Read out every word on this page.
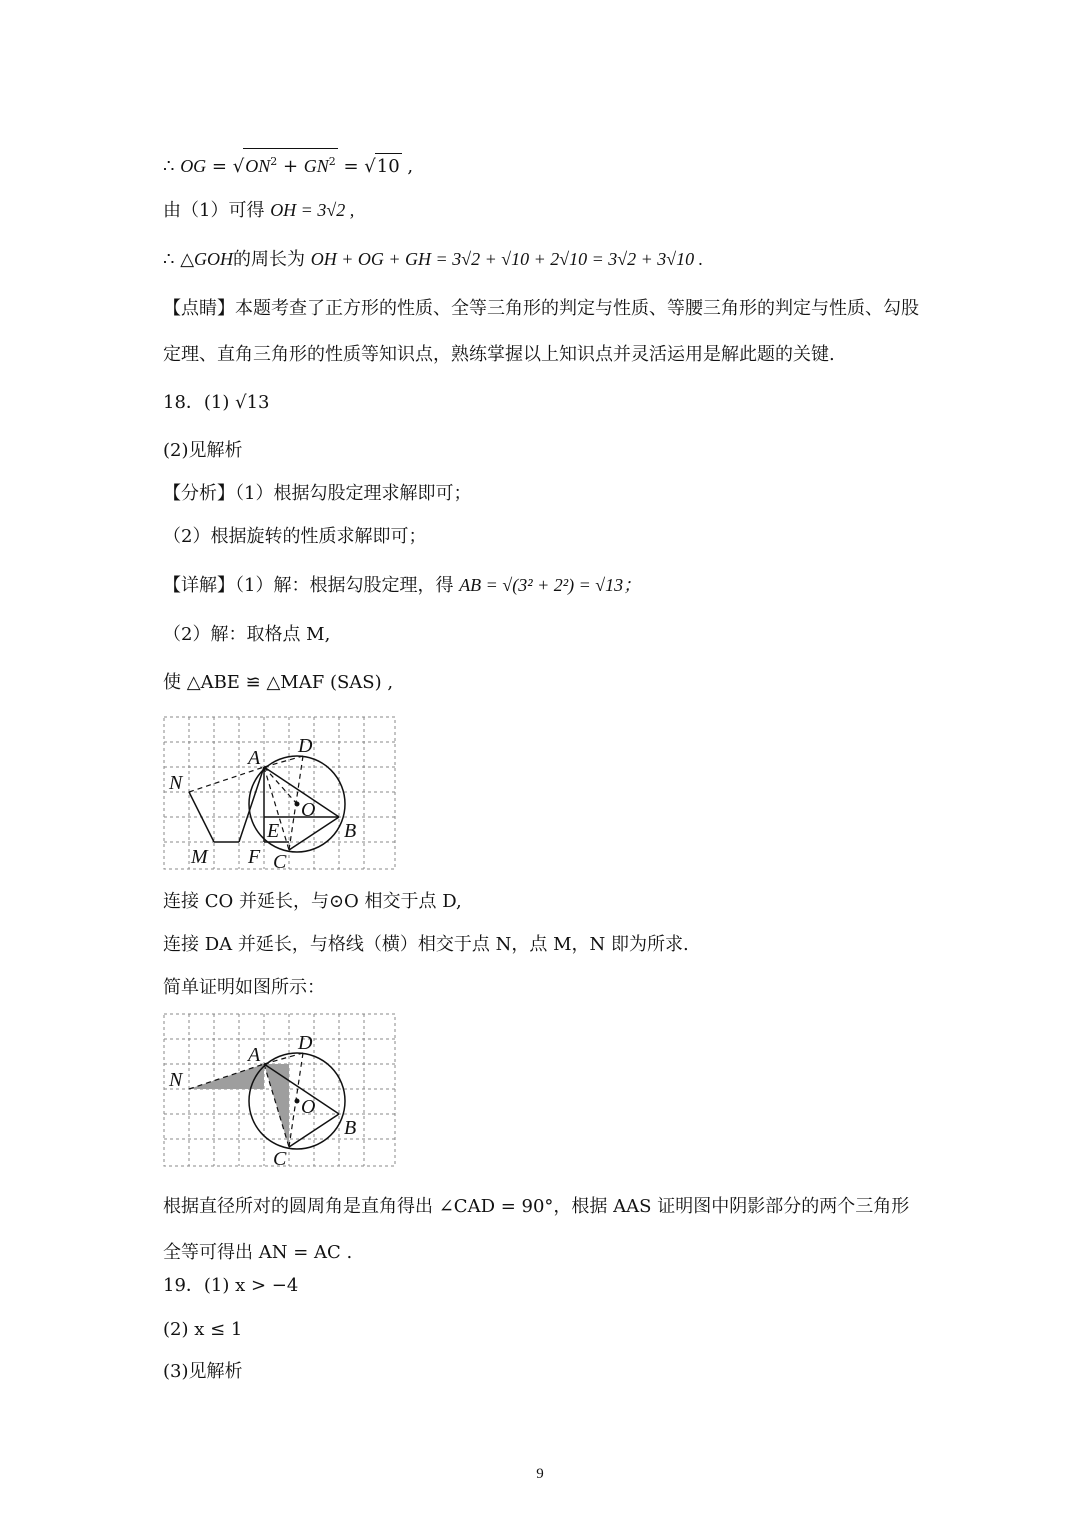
∴ OG = $√ON^2 + GN^2 = √10$ ,
由（1）可得 OH = 3√2 ,
∴ △GOH的周长为 OH + OG + GH = 3√2 + √10 + 2√10 = 3√2 + 3√10 .
【点睛】本题考查了正方形的性质、全等三角形的判定与性质、等腰三角形的判定与性质、勾股定理、直角三角形的性质等知识点，熟练掌握以上知识点并灵活运用是解此题的关键.
18．(1) √13
(2)见解析
【分析】（1）根据勾股定理求解即可；
（2）根据旋转的性质求解即可；
【详解】（1）解：根据勾股定理，得 AB = √(3² + 2²) = √13；
（2）解：取格点 M,
使 △ABE ≌ △MAF (SAS) ,
A
D
N
O
B
E
M F C
连接 CO 并延长，与⊙O 相交于点 D,
连接 DA 并延长，与格线（横）相交于点 N，点 M，N 即为所求.
简单证明如图所示：
A
D
N
O
B
C
根据直径所对的圆周角是直角得出 ∠CAD = 90°，根据 AAS 证明图中阴影部分的两个三角形全等可得出 AN = AC .
19．(1) x > −4
(2) x ≤ 1
(3)见解析
9
